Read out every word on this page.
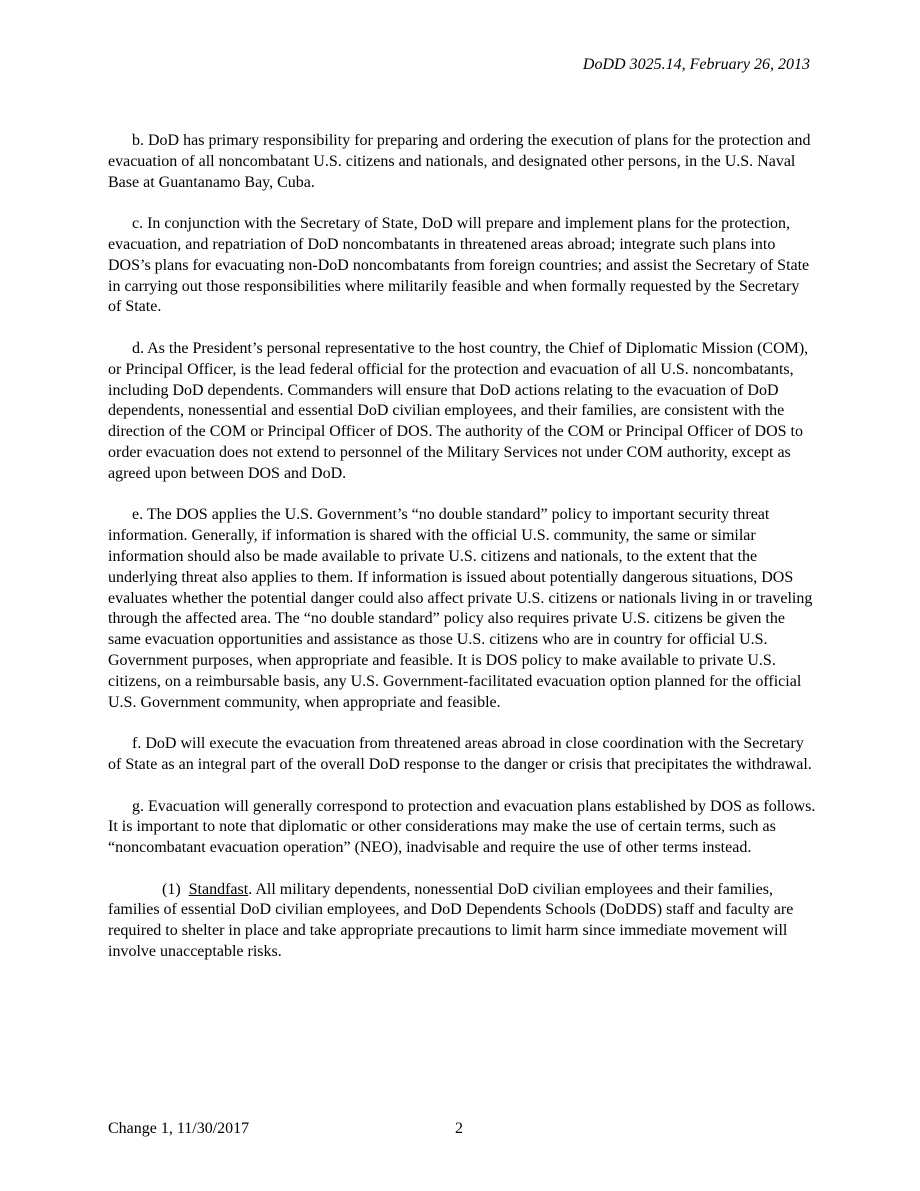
DoDD 3025.14, February 26, 2013

b. DoD has primary responsibility for preparing and ordering the execution of plans for the protection and evacuation of all noncombatant U.S. citizens and nationals, and designated other persons, in the U.S. Naval Base at Guantanamo Bay, Cuba.

c. In conjunction with the Secretary of State, DoD will prepare and implement plans for the protection, evacuation, and repatriation of DoD noncombatants in threatened areas abroad; integrate such plans into DOS’s plans for evacuating non-DoD noncombatants from foreign countries; and assist the Secretary of State in carrying out those responsibilities where militarily feasible and when formally requested by the Secretary of State.

d. As the President’s personal representative to the host country, the Chief of Diplomatic Mission (COM), or Principal Officer, is the lead federal official for the protection and evacuation of all U.S. noncombatants, including DoD dependents. Commanders will ensure that DoD actions relating to the evacuation of DoD dependents, nonessential and essential DoD civilian employees, and their families, are consistent with the direction of the COM or Principal Officer of DOS. The authority of the COM or Principal Officer of DOS to order evacuation does not extend to personnel of the Military Services not under COM authority, except as agreed upon between DOS and DoD.

e. The DOS applies the U.S. Government’s “no double standard” policy to important security threat information. Generally, if information is shared with the official U.S. community, the same or similar information should also be made available to private U.S. citizens and nationals, to the extent that the underlying threat also applies to them. If information is issued about potentially dangerous situations, DOS evaluates whether the potential danger could also affect private U.S. citizens or nationals living in or traveling through the affected area. The “no double standard” policy also requires private U.S. citizens be given the same evacuation opportunities and assistance as those U.S. citizens who are in country for official U.S. Government purposes, when appropriate and feasible. It is DOS policy to make available to private U.S. citizens, on a reimbursable basis, any U.S. Government-facilitated evacuation option planned for the official U.S. Government community, when appropriate and feasible.

f. DoD will execute the evacuation from threatened areas abroad in close coordination with the Secretary of State as an integral part of the overall DoD response to the danger or crisis that precipitates the withdrawal.

g. Evacuation will generally correspond to protection and evacuation plans established by DOS as follows. It is important to note that diplomatic or other considerations may make the use of certain terms, such as “noncombatant evacuation operation” (NEO), inadvisable and require the use of other terms instead.

(1) Standfast. All military dependents, nonessential DoD civilian employees and their families, families of essential DoD civilian employees, and DoD Dependents Schools (DoDDS) staff and faculty are required to shelter in place and take appropriate precautions to limit harm since immediate movement will involve unacceptable risks.

Change 1, 11/30/2017	2
